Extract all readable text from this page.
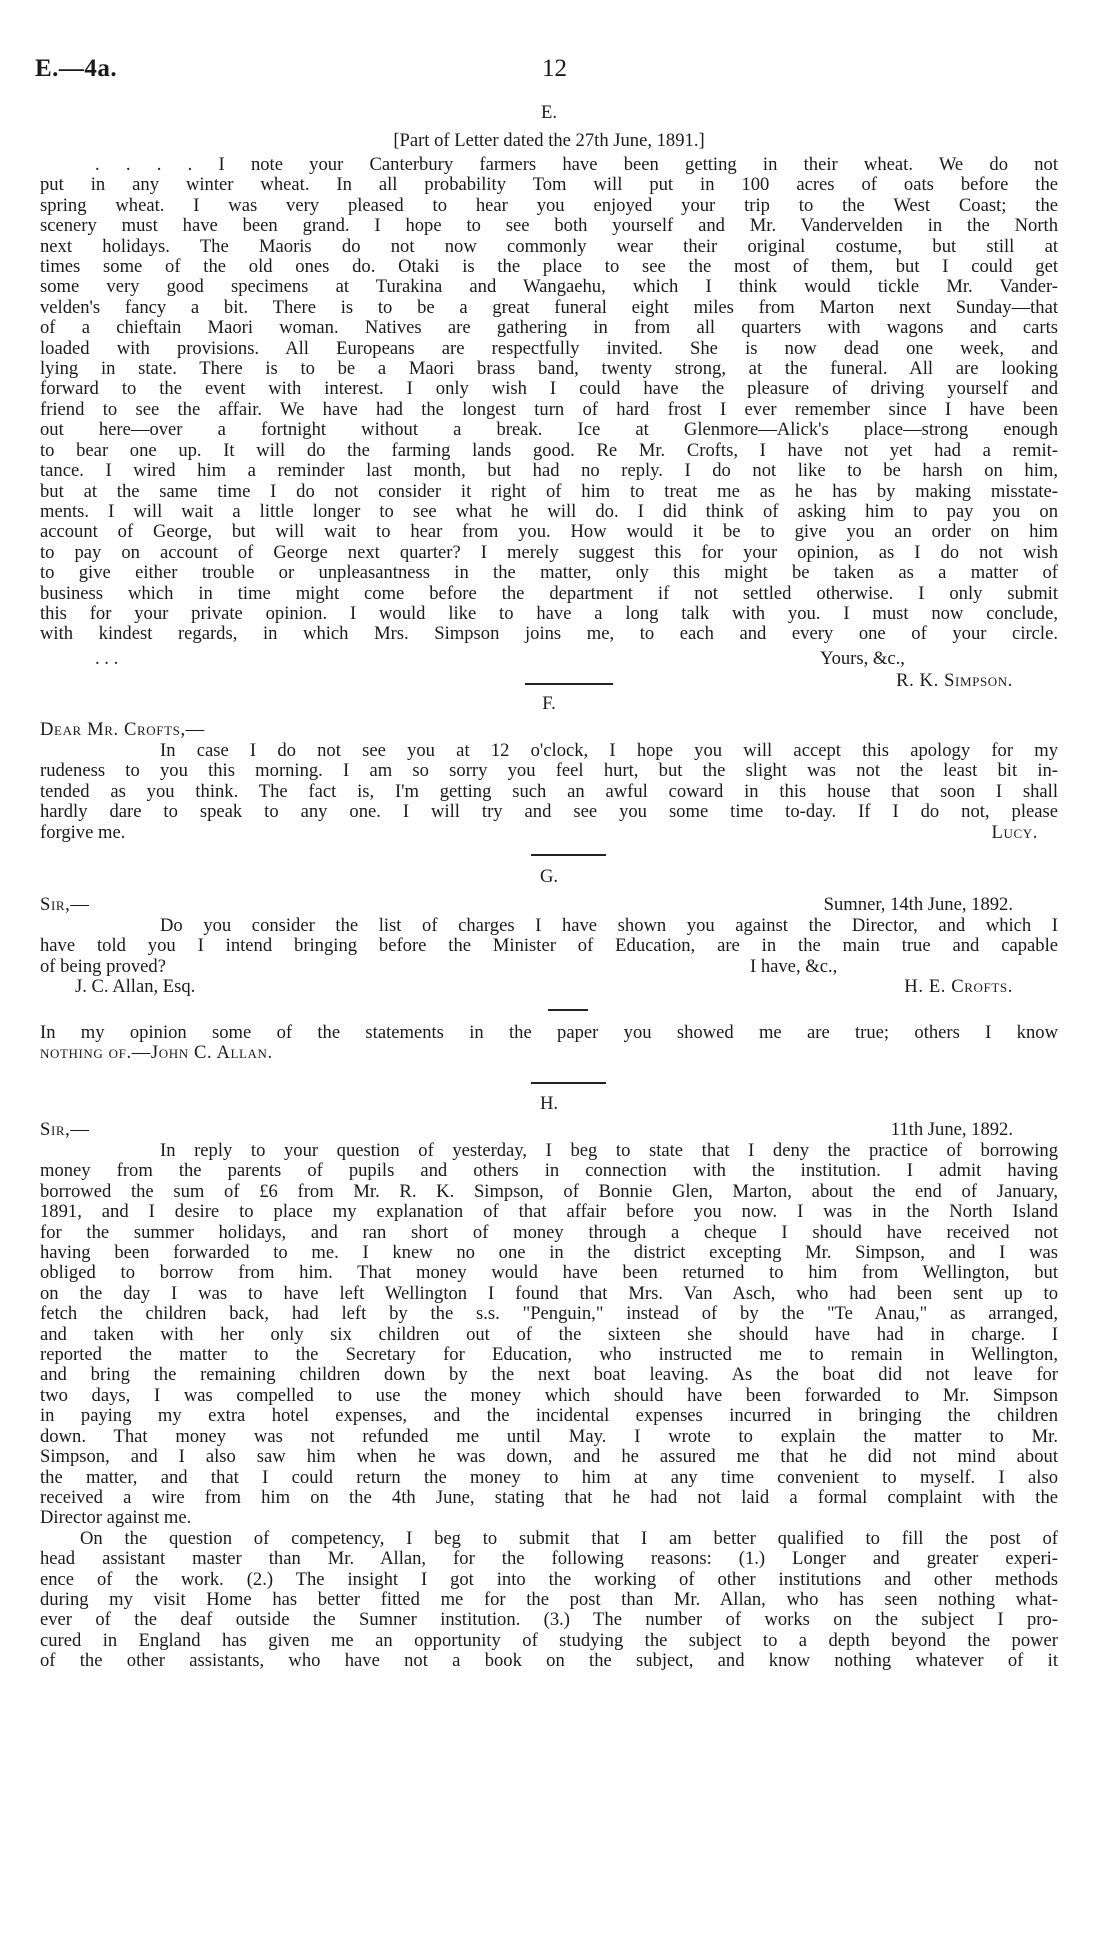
E.—4a.	12
E.
[Part of Letter dated the 27th June, 1891.]
. . . . I note your Canterbury farmers have been getting in their wheat. We do not
put in any winter wheat. In all probability Tom will put in 100 acres of oats before the
spring wheat. I was very pleased to hear you enjoyed your trip to the West Coast; the
scenery must have been grand. I hope to see both yourself and Mr. Vandervelden in the North
next holidays. The Maoris do not now commonly wear their original costume, but still at
times some of the old ones do. Otaki is the place to see the most of them, but I could get
some very good specimens at Turakina and Wangaehu, which I think would tickle Mr. Vander-
velden's fancy a bit. There is to be a great funeral eight miles from Marton next Sunday—that
of a chieftain Maori woman. Natives are gathering in from all quarters with wagons and carts
loaded with provisions. All Europeans are respectfully invited. She is now dead one week, and
lying in state. There is to be a Maori brass band, twenty strong, at the funeral. All are looking
forward to the event with interest. I only wish I could have the pleasure of driving yourself and
friend to see the affair. We have had the longest turn of hard frost I ever remember since I have been
out here—over a fortnight without a break. Ice at Glenmore—Alick's place—strong enough
to bear one up. It will do the farming lands good. Re Mr. Crofts, I have not yet had a remit-
tance. I wired him a reminder last month, but had no reply. I do not like to be harsh on him,
but at the same time I do not consider it right of him to treat me as he has by making misstate-
ments. I will wait a little longer to see what he will do. I did think of asking him to pay you on
account of George, but will wait to hear from you. How would it be to give you an order on him
to pay on account of George next quarter? I merely suggest this for your opinion, as I do not wish
to give either trouble or unpleasantness in the matter, only this might be taken as a matter of
business which in time might come before the department if not settled otherwise. I only submit
this for your private opinion. I would like to have a long talk with you. I must now conclude,
with kindest regards, in which Mrs. Simpson joins me, to each and every one of your circle.
. . .	Yours, &c.,
R. K. Simpson.
F.
Dear Mr. Crofts,—
In case I do not see you at 12 o'clock, I hope you will accept this apology for my
rudeness to you this morning. I am so sorry you feel hurt, but the slight was not the least bit in-
tended as you think. The fact is, I'm getting such an awful coward in this house that soon I shall
hardly dare to speak to any one. I will try and see you some time to-day. If I do not, please
forgive me.	Lucy.
G.
Sir,—	Sumner, 14th June, 1892.
Do you consider the list of charges I have shown you against the Director, and which I
have told you I intend bringing before the Minister of Education, are in the main true and capable
of being proved?	I have, &c.,
J. C. Allan, Esq.	H. E. Crofts.
In my opinion some of the statements in the paper you showed me are true; others I know
nothing of.—John C. Allan.
H.
Sir,—	11th June, 1892.
In reply to your question of yesterday, I beg to state that I deny the practice of borrowing
money from the parents of pupils and others in connection with the institution. I admit having
borrowed the sum of £6 from Mr. R. K. Simpson, of Bonnie Glen, Marton, about the end of January,
1891, and I desire to place my explanation of that affair before you now. I was in the North Island
for the summer holidays, and ran short of money through a cheque I should have received not
having been forwarded to me. I knew no one in the district excepting Mr. Simpson, and I was
obliged to borrow from him. That money would have been returned to him from Wellington, but
on the day I was to have left Wellington I found that Mrs. Van Asch, who had been sent up to
fetch the children back, had left by the s.s. "Penguin," instead of by the "Te Anau," as arranged,
and taken with her only six children out of the sixteen she should have had in charge. I
reported the matter to the Secretary for Education, who instructed me to remain in Wellington,
and bring the remaining children down by the next boat leaving. As the boat did not leave for
two days, I was compelled to use the money which should have been forwarded to Mr. Simpson
in paying my extra hotel expenses, and the incidental expenses incurred in bringing the children
down. That money was not refunded me until May. I wrote to explain the matter to Mr.
Simpson, and I also saw him when he was down, and he assured me that he did not mind about
the matter, and that I could return the money to him at any time convenient to myself. I also
received a wire from him on the 4th June, stating that he had not laid a formal complaint with the
Director against me.
On the question of competency, I beg to submit that I am better qualified to fill the post of
head assistant master than Mr. Allan, for the following reasons: (1.) Longer and greater experi-
ence of the work. (2.) The insight I got into the working of other institutions and other methods
during my visit Home has better fitted me for the post than Mr. Allan, who has seen nothing what-
ever of the deaf outside the Sumner institution. (3.) The number of works on the subject I pro-
cured in England has given me an opportunity of studying the subject to a depth beyond the power
of the other assistants, who have not a book on the subject, and know nothing whatever of it
